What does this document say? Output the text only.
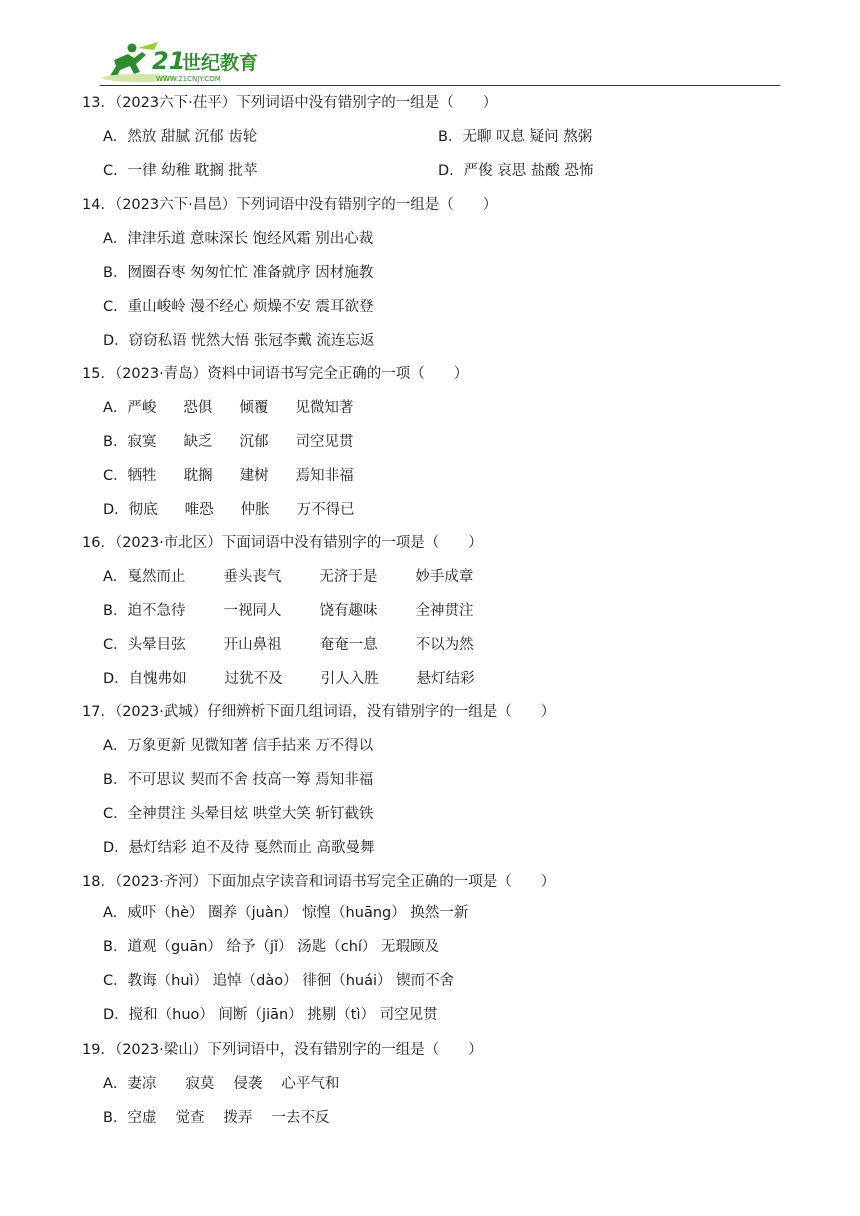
21
世纪教育
WWW.21CNJY.COM
13．（2023六下·茌平）下列词语中没有错别字的一组是（　　）
A．然放 甜腻 沉郁 齿轮	B．无聊 叹息 疑问 熬粥
C．一律 幼稚 耽搁 批苹	D．严俊 哀思 盐酸 恐怖
14．（2023六下·昌邑）下列词语中没有错别字的一组是（　　）
A．津津乐道 意味深长 饱经风霜 别出心裁
B．囫圈吞枣 匆匆忙忙 准备就序 因材施教
C．重山峻岭 漫不经心 烦燥不安 震耳欲登
D．窃窃私语 恍然大悟 张冠李戴 流连忘返
15．（2023·青岛）资料中词语书写完全正确的一项（　　）
A．严峻 恐俱 倾覆 见微知著
B．寂寞 缺乏 沉郁 司空见贯
C．牺牲 耽搁 建树 焉知非福
D．彻底 唯恐 仲胀 万不得已
16．（2023·市北区）下面词语中没有错别字的一项是（　　）
A．戛然而止	垂头丧气	无济于是	妙手成章
B．迫不急待	一视同人	饶有趣味	全神贯注
C．头晕目弦	开山鼻祖	奄奄一息	不以为然
D．自愧弗如	过犹不及	引人入胜	悬灯结彩
17．（2023·武城）仔细辨析下面几组词语，没有错别字的一组是（　　）
A．万象更新 见微知著 信手拈来 万不得以
B．不可思议 契而不舍 技高一筹 焉知非福
C．全神贯注 头晕目炫 哄堂大笑 斩钉截铁
D．悬灯结彩 迫不及待 戛然而止 高歌曼舞
18．（2023·齐河）下面加点字读音和词语书写完全正确的一项是（　　）
A．威吓（hè） 圈养（juàn） 惊惶（huāng） 换然一新
B．道观（guān） 给予（jǐ） 汤匙（chí） 无瑕顾及
C．教诲（huì） 追悼（dào） 徘徊（huái） 锲而不舍
D．搅和（huo） 间断（jiān） 挑剔（tì） 司空见贯
19．（2023·梁山）下列词语中，没有错别字的一组是（　　）
A．妻凉 寂莫 侵袭 心平气和
B．空虚 觉查 拨弄 一去不反
